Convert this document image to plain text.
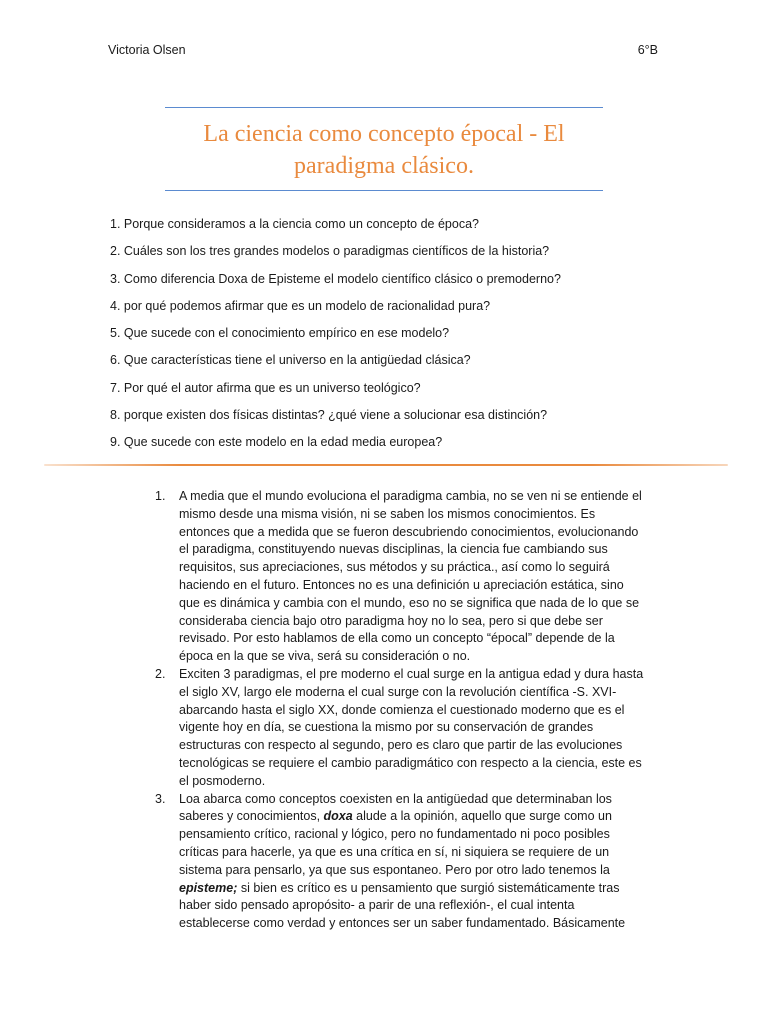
Victoria Olsen	6°B
La ciencia como concepto épocal - El
paradigma clásico.
1. Porque consideramos a la ciencia como un concepto de época?
2. Cuáles son los tres grandes modelos o paradigmas científicos de la historia?
3. Como diferencia Doxa de Episteme el modelo científico clásico o premoderno?
4. por qué podemos afirmar que es un modelo de racionalidad pura?
5. Que sucede con el conocimiento empírico en ese modelo?
6. Que características tiene el universo en la antigüedad clásica?
7. Por qué el autor afirma que es un universo teológico?
8. porque existen dos físicas distintas? ¿qué viene a solucionar esa distinción?
9. Que sucede con este modelo en la edad media europea?
1.	A media que el mundo evoluciona el paradigma cambia, no se ven ni se entiende el mismo desde una misma visión, ni se saben los mismos conocimientos. Es entonces que a medida que se fueron descubriendo conocimientos, evolucionando el paradigma, constituyendo nuevas disciplinas, la ciencia fue cambiando sus requisitos, sus apreciaciones, sus métodos y su práctica., así como lo seguirá haciendo en el futuro. Entonces no es una definición u apreciación estática, sino que es dinámica y cambia con el mundo, eso no se significa que nada de lo que se consideraba ciencia bajo otro paradigma hoy no lo sea, pero si que debe ser revisado. Por esto hablamos de ella como un concepto “épocal” depende de la época en la que se viva, será su consideración o no.
2.	Exciten 3 paradigmas, el pre moderno el cual surge en la antigua edad y dura hasta el siglo XV, largo ele moderna el cual surge con la revolución científica -S. XVI- abarcando hasta el siglo XX, donde comienza el cuestionado moderno que es el vigente hoy en día, se cuestiona la mismo por su conservación de grandes estructuras con respecto al segundo, pero es claro que partir de las evoluciones tecnológicas se requiere el cambio paradigmático con respecto a la ciencia, este es el posmoderno.
3.	Loa abarca como conceptos coexisten en la antigüedad que determinaban los saberes y conocimientos, doxa alude a la opinión, aquello que surge como un pensamiento crítico, racional y lógico, pero no fundamentado ni poco posibles críticas para hacerle, ya que es una crítica en sí, ni siquiera se requiere de un sistema para pensarlo, ya que sus espontaneo. Pero por otro lado tenemos la episteme; si bien es crítico es u pensamiento que surgió sistemáticamente tras haber sido pensado apropósito- a parir de una reflexión-, el cual intenta establecerse como verdad y entonces ser un saber fundamentado. Básicamente
